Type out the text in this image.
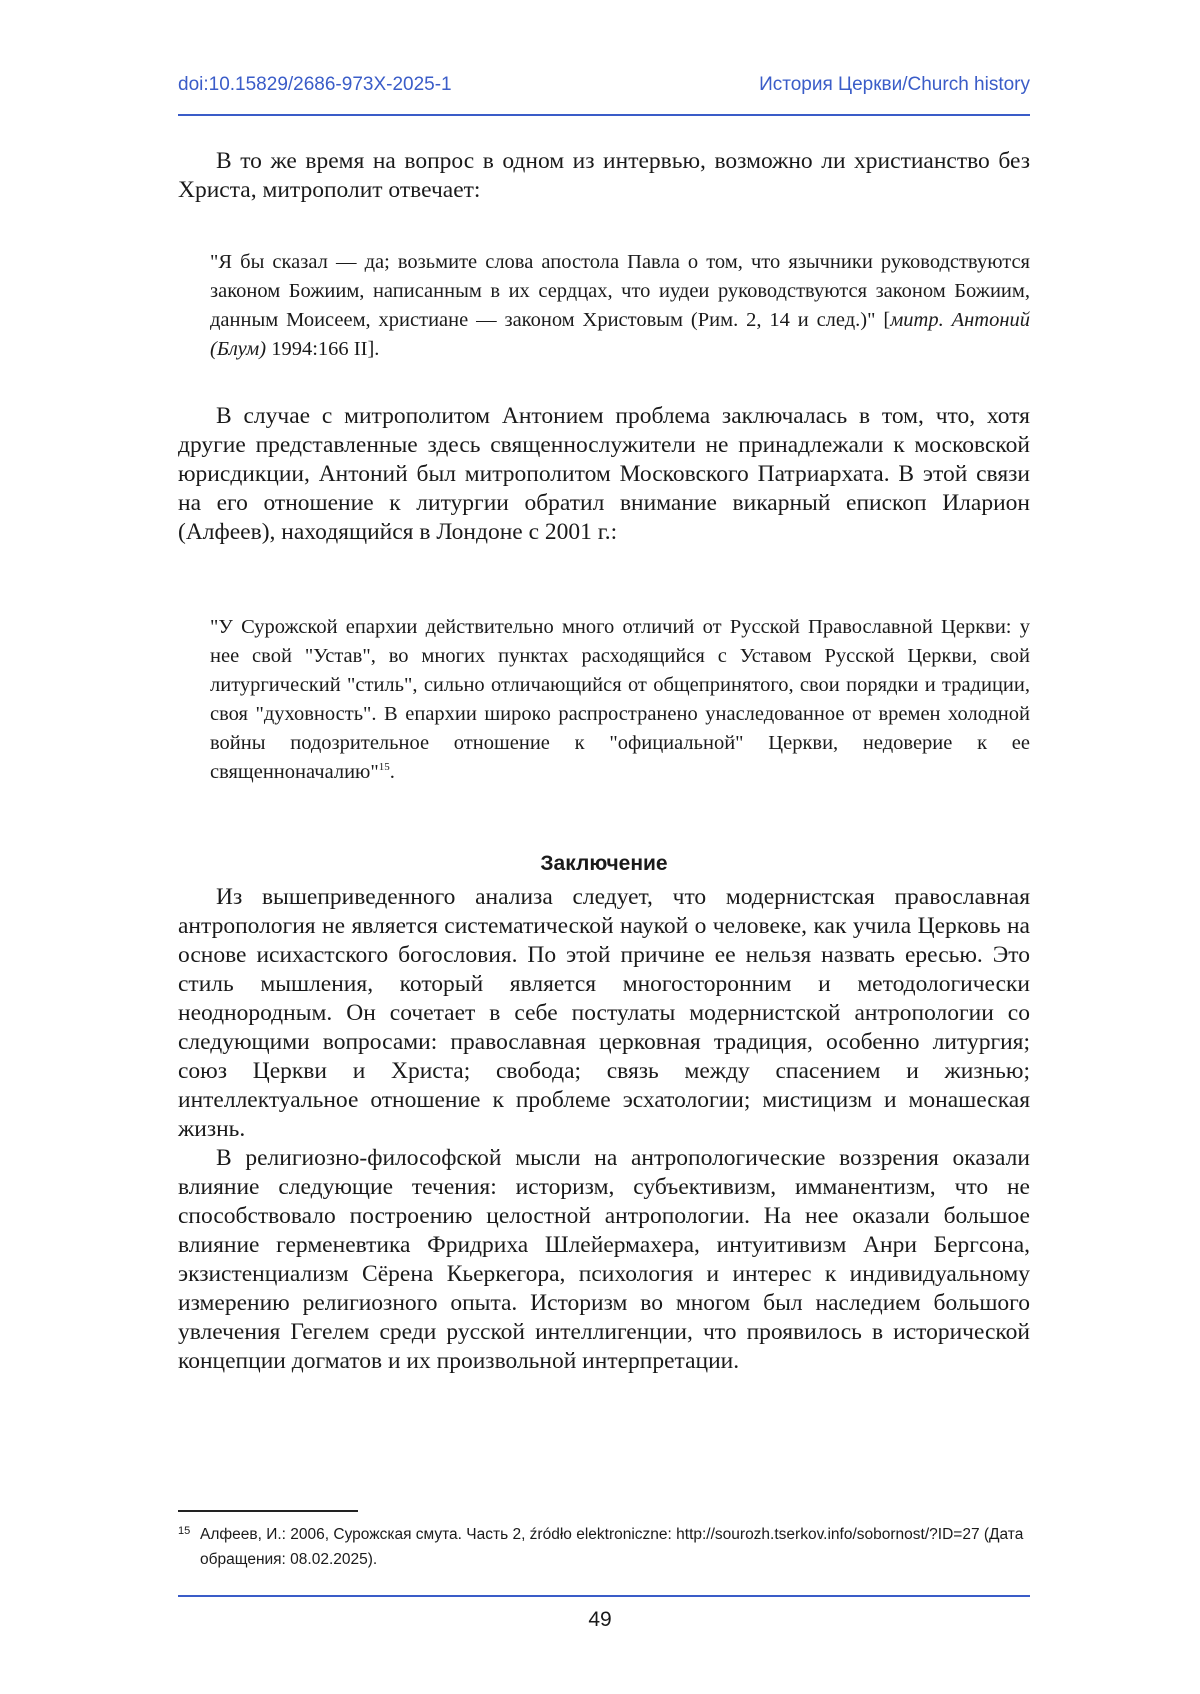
doi:10.15829/2686-973X-2025-1	История Церкви/Church history

В то же время на вопрос в одном из интервью, возможно ли христианство без Христа, митрополит отвечает:

"Я бы сказал — да; возьмите слова апостола Павла о том, что язычники руководствуются законом Божиим, написанным в их сердцах, что иудеи руководствуются законом Божиим, данным Моисеем, христиане — законом Христовым (Рим. 2, 14 и след.)" [митр. Антоний (Блум) 1994:166 II].

В случае с митрополитом Антонием проблема заключалась в том, что, хотя другие представленные здесь священнослужители не принадлежали к московской юрисдикции, Антоний был митрополитом Московского Патриархата. В этой связи на его отношение к литургии обратил внимание викарный епископ Иларион (Алфеев), находящийся в Лондоне с 2001 г.:

"У Сурожской епархии действительно много отличий от Русской Православной Церкви: у нее свой "Устав", во многих пунктах расходящийся с Уставом Русской Церкви, свой литургический "стиль", сильно отличающийся от общепринятого, свои порядки и традиции, своя "духовность". В епархии широко распространено унаследованное от времен холодной войны подозрительное отношение к "официальной" Церкви, недоверие к ее священноначалию"$^{15}$.

Заключение

Из вышеприведенного анализа следует, что модернистская православная антропология не является систематической наукой о человеке, как учила Церковь на основе исихастского богословия. По этой причине ее нельзя назвать ересью. Это стиль мышления, который является многосторонним и методологически неоднородным. Он сочетает в себе постулаты модернистской антропологии со следующими вопросами: православная церковная традиция, особенно литургия; союз Церкви и Христа; свобода; связь между спасением и жизнью; интеллектуальное отношение к проблеме эсхатологии; мистицизм и монашеская жизнь.

В религиозно-философской мысли на антропологические воззрения оказали влияние следующие течения: историзм, субъективизм, имманентизм, что не способствовало построению целостной антропологии. На нее оказали большое влияние герменевтика Фридриха Шлейермахера, интуитивизм Анри Бергсона, экзистенциализм Сёрена Кьеркегора, психология и интерес к индивидуальному измерению религиозного опыта. Историзм во многом был наследием большого увлечения Гегелем среди русской интеллигенции, что проявилось в исторической концепции догматов и их произвольной интерпретации.

15 Алфеев, И.: 2006, Сурожская смута. Часть 2, źródło elektroniczne: http://sourozh.tserkov.info/sobornost/?ID=27 (Дата обращения: 08.02.2025).
49
